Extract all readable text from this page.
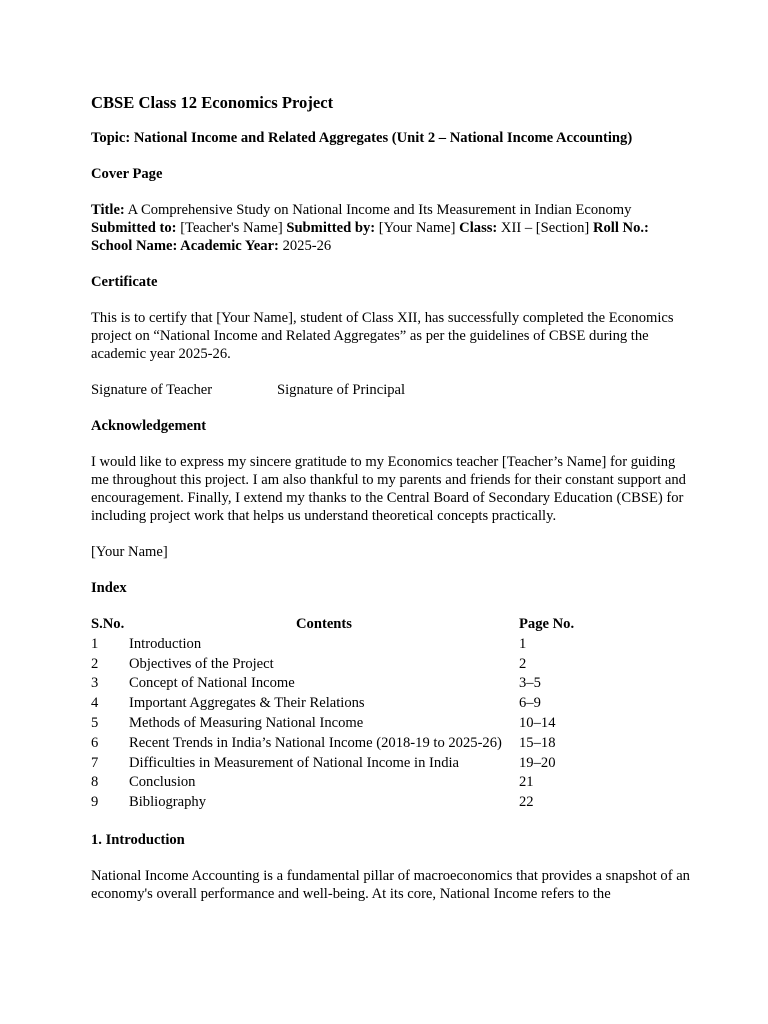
CBSE Class 12 Economics Project

Topic: National Income and Related Aggregates (Unit 2 – National Income Accounting)

Cover Page

Title: A Comprehensive Study on National Income and Its Measurement in Indian Economy

Submitted to: [Teacher's Name] Submitted by: [Your Name] Class: XII – [Section] Roll No.:

School Name: Academic Year: 2025-26

Certificate

This is to certify that [Your Name], student of Class XII, has successfully completed the Economics project on “National Income and Related Aggregates” as per the guidelines of CBSE during the academic year 2025-26.

Signature of Teacher	Signature of Principal

Acknowledgement

I would like to express my sincere gratitude to my Economics teacher [Teacher’s Name] for guiding me throughout this project. I am also thankful to my parents and friends for their constant support and encouragement. Finally, I extend my thanks to the Central Board of Secondary Education (CBSE) for including project work that helps us understand theoretical concepts practically.

[Your Name]

Index

S.No.	Contents	Page No.
1	Introduction	1
2	Objectives of the Project	2
3	Concept of National Income	3–5
4	Important Aggregates & Their Relations	6–9
5	Methods of Measuring National Income	10–14
6	Recent Trends in India’s National Income (2018-19 to 2025-26)	15–18
7	Difficulties in Measurement of National Income in India	19–20
8	Conclusion	21
9	Bibliography	22

1. Introduction

National Income Accounting is a fundamental pillar of macroeconomics that provides a snapshot of an economy's overall performance and well-being. At its core, National Income refers to the
